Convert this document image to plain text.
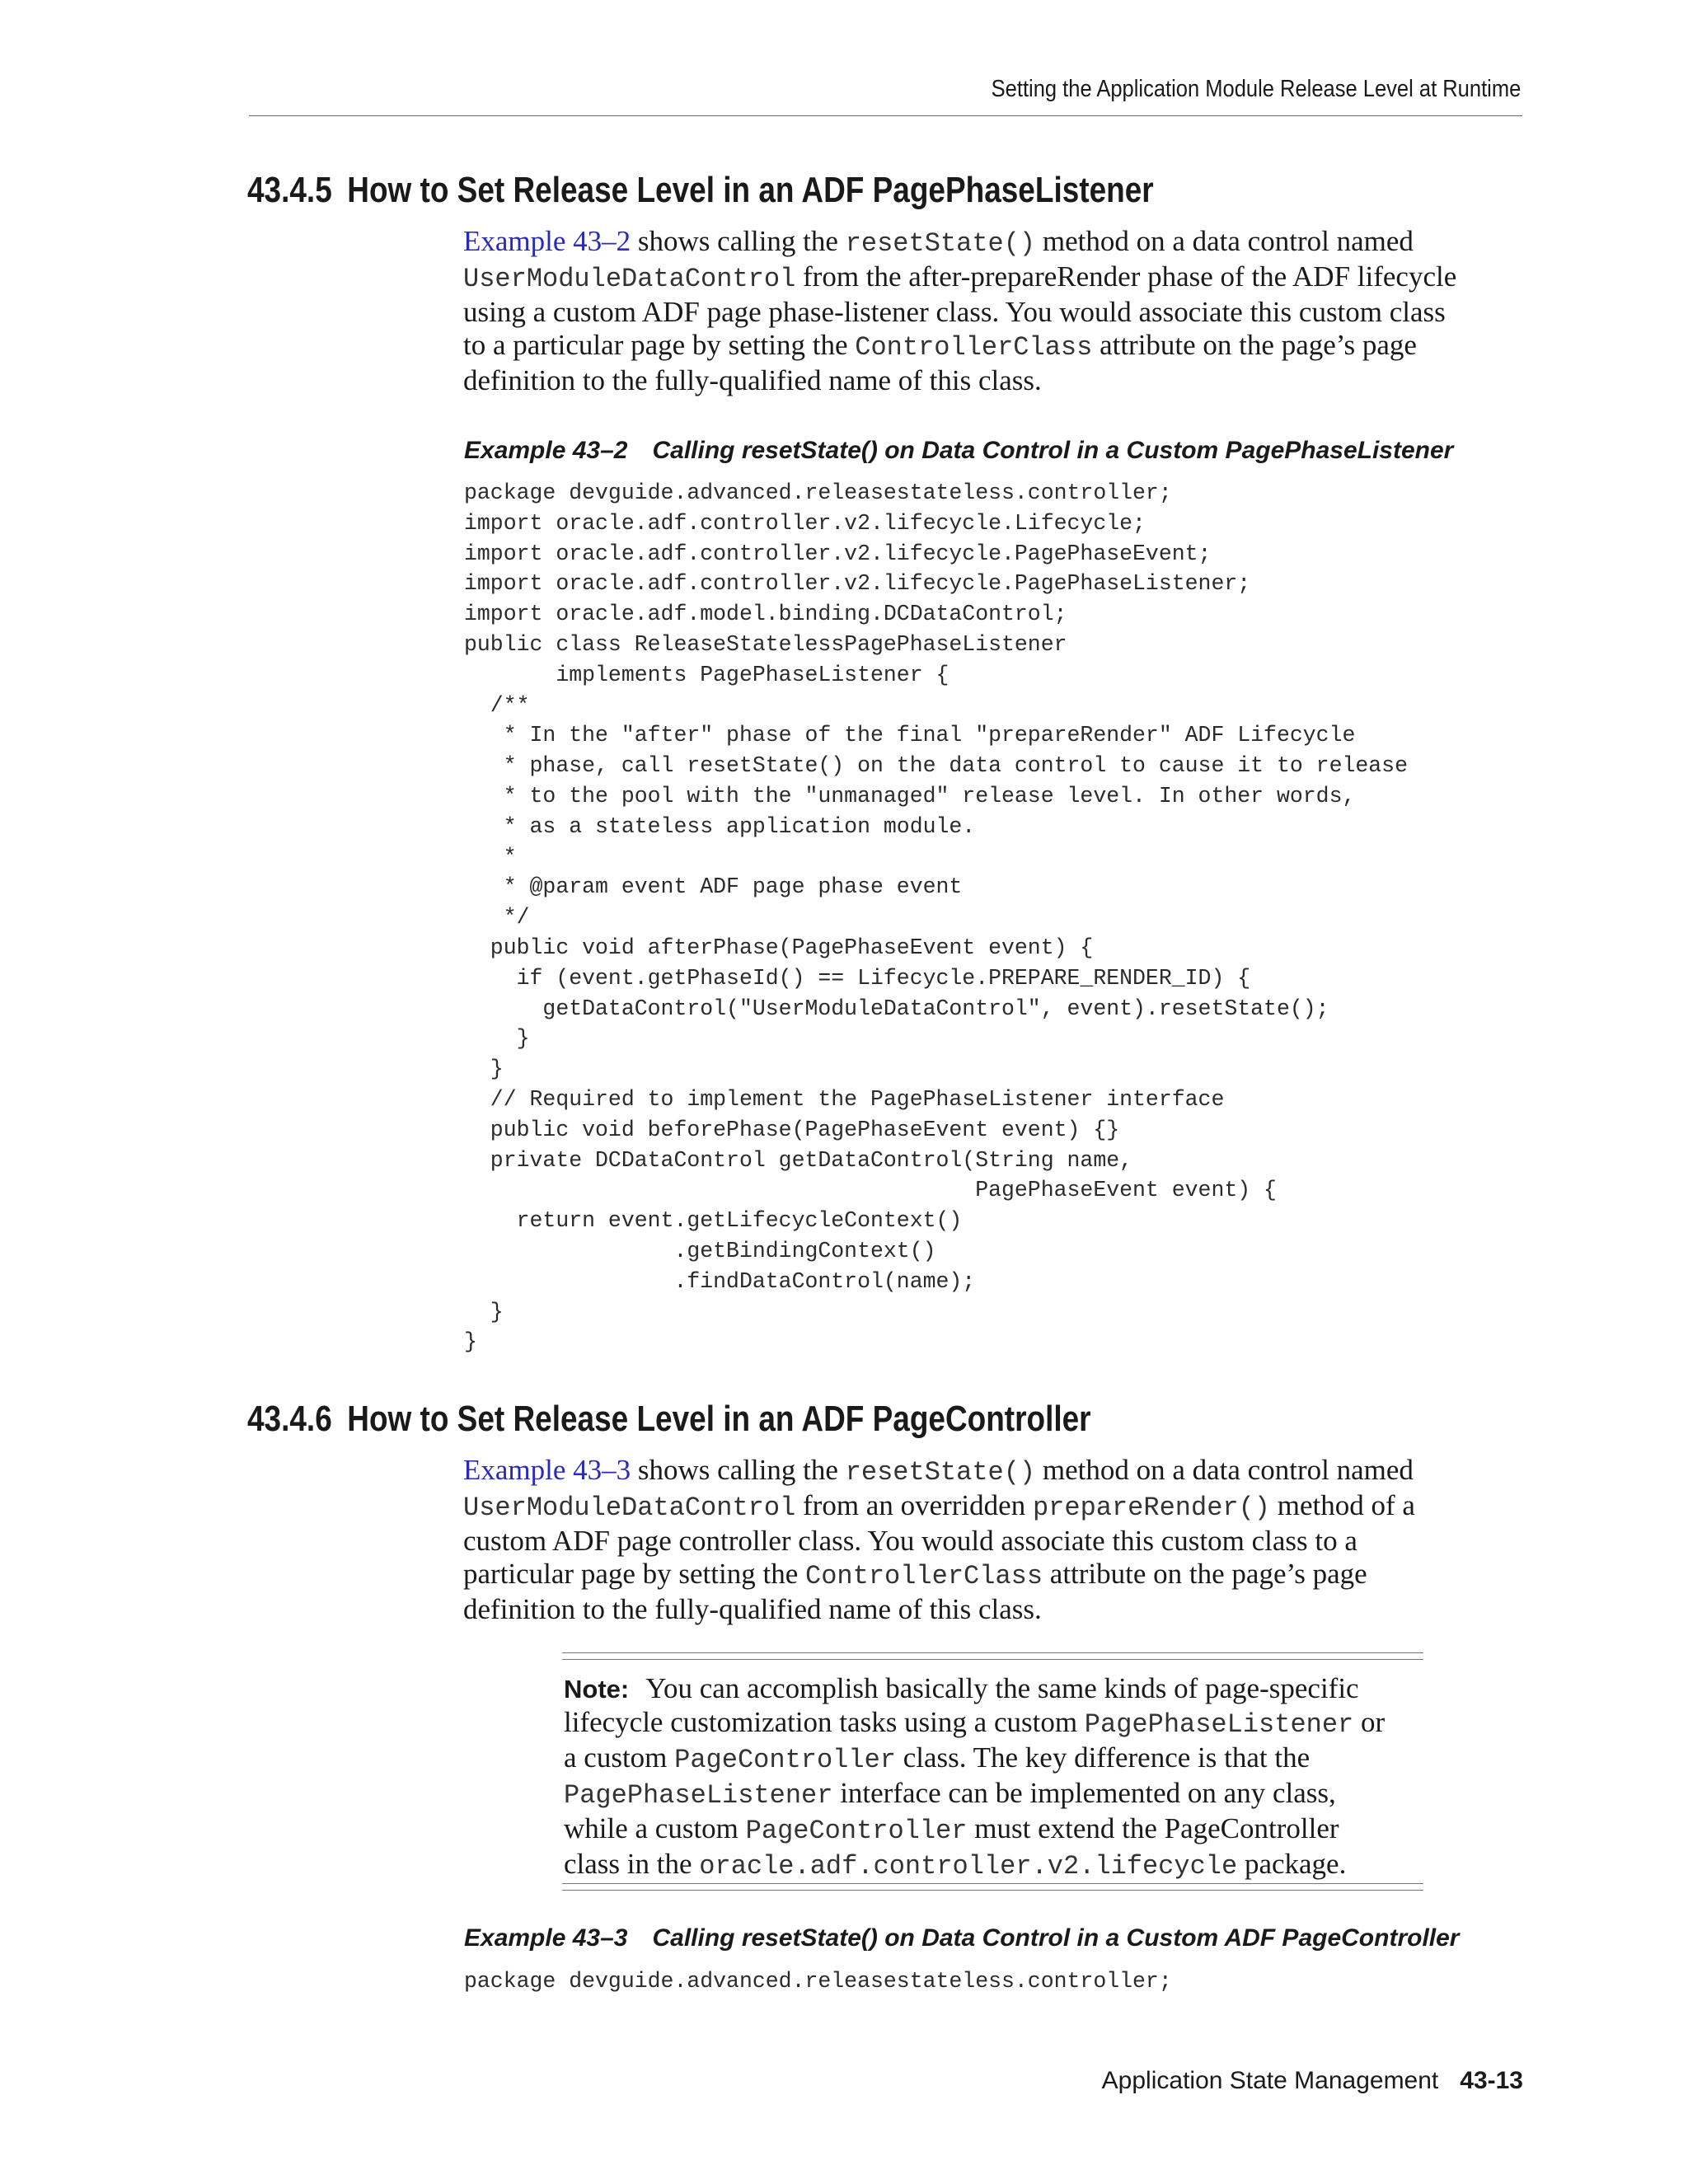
Setting the Application Module Release Level at Runtime
43.4.5 How to Set Release Level in an ADF PagePhaseListener

Example 43–2 shows calling the resetState() method on a data control named
UserModuleDataControl from the after-prepareRender phase of the ADF lifecycle
using a custom ADF page phase-listener class. You would associate this custom class
to a particular page by setting the ControllerClass attribute on the page’s page
definition to the fully-qualified name of this class.

Example 43–2 Calling resetState() on Data Control in a Custom PagePhaseListener
package devguide.advanced.releasestateless.controller;
import oracle.adf.controller.v2.lifecycle.Lifecycle;
import oracle.adf.controller.v2.lifecycle.PagePhaseEvent;
import oracle.adf.controller.v2.lifecycle.PagePhaseListener;
import oracle.adf.model.binding.DCDataControl;
public class ReleaseStatelessPagePhaseListener
implements PagePhaseListener {
/**
* In the "after" phase of the final "prepareRender" ADF Lifecycle
* phase, call resetState() on the data control to cause it to release
* to the pool with the "unmanaged" release level. In other words,
* as a stateless application module.
*
* @param event ADF page phase event
*/
public void afterPhase(PagePhaseEvent event) {
if (event.getPhaseId() == Lifecycle.PREPARE_RENDER_ID) {
getDataControl("UserModuleDataControl", event).resetState();
}
}
// Required to implement the PagePhaseListener interface
public void beforePhase(PagePhaseEvent event) {}
private DCDataControl getDataControl(String name,
PagePhaseEvent event) {
return event.getLifecycleContext()
.getBindingContext()
.findDataControl(name);
}
}
43.4.6 How to Set Release Level in an ADF PageController

Example 43–3 shows calling the resetState() method on a data control named
UserModuleDataControl from an overridden prepareRender() method of a
custom ADF page controller class. You would associate this custom class to a
particular page by setting the ControllerClass attribute on the page’s page
definition to the fully-qualified name of this class.

Note: You can accomplish basically the same kinds of page-specific
lifecycle customization tasks using a custom PagePhaseListener or
a custom PageController class. The key difference is that the
PagePhaseListener interface can be implemented on any class,
while a custom PageController must extend the PageController
class in the oracle.adf.controller.v2.lifecycle package.

Example 43–3 Calling resetState() on Data Control in a Custom ADF PageController
package devguide.advanced.releasestateless.controller;
Application State Management 43-13
